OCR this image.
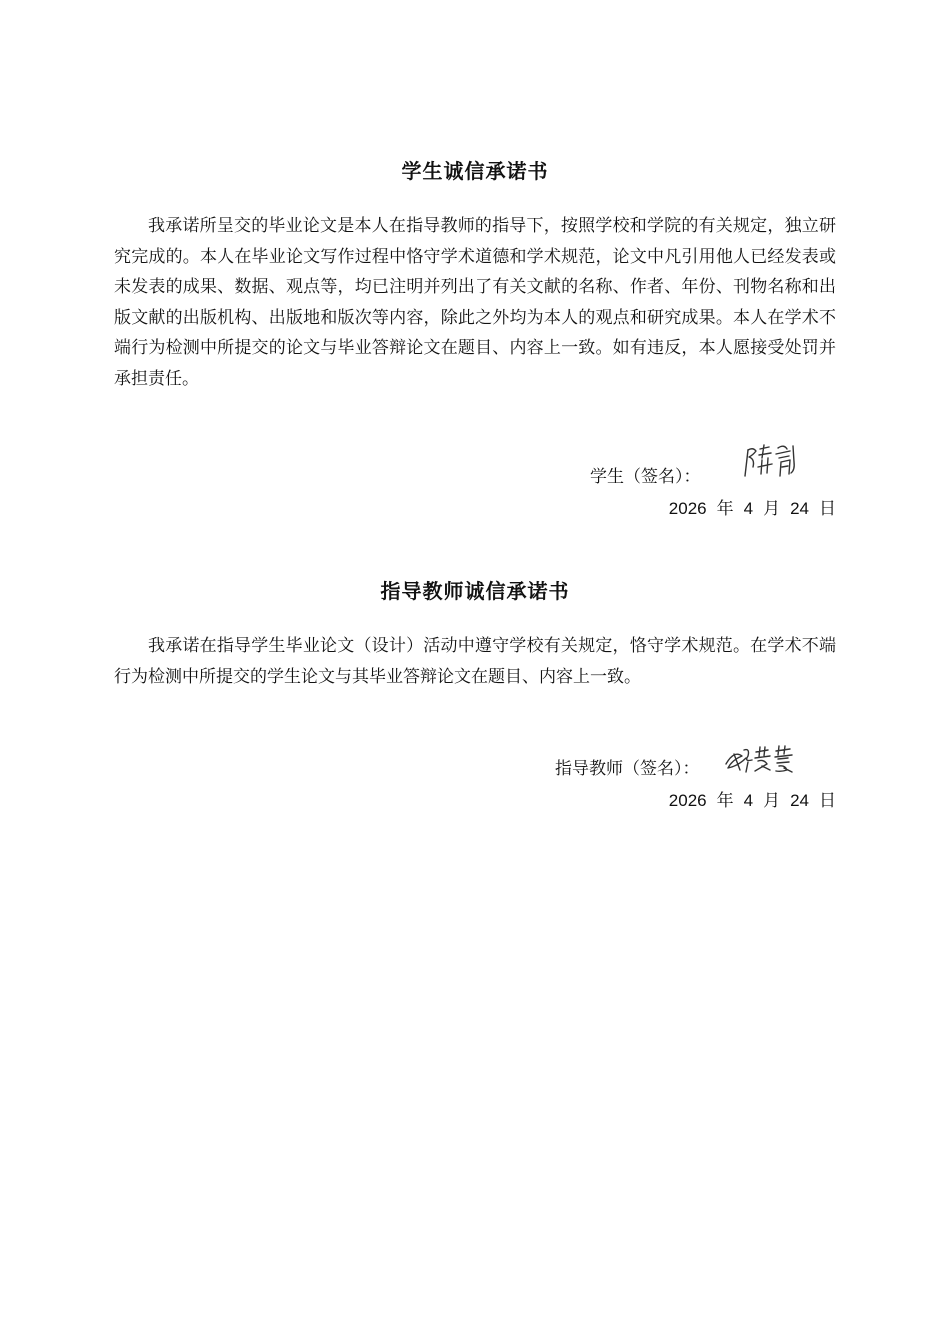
学生诚信承诺书

我承诺所呈交的毕业论文是本人在指导教师的指导下，按照学校和学院的有关规定，独立研究完成的。本人在毕业论文写作过程中恪守学术道德和学术规范，论文中凡引用他人已经发表或未发表的成果、数据、观点等，均已注明并列出了有关文献的名称、作者、年份、刊物名称和出版文献的出版机构、出版地和版次等内容，除此之外均为本人的观点和研究成果。本人在学术不端行为检测中所提交的论文与毕业答辩论文在题目、内容上一致。如有违反，本人愿接受处罚并承担责任。

学生（签名）：
2026 年 4 月 24 日
指导教师诚信承诺书

我承诺在指导学生毕业论文（设计）活动中遵守学校有关规定，恪守学术规范。在学术不端行为检测中所提交的学生论文与其毕业答辩论文在题目、内容上一致。

指导教师（签名）：
2026 年 4 月 24 日
